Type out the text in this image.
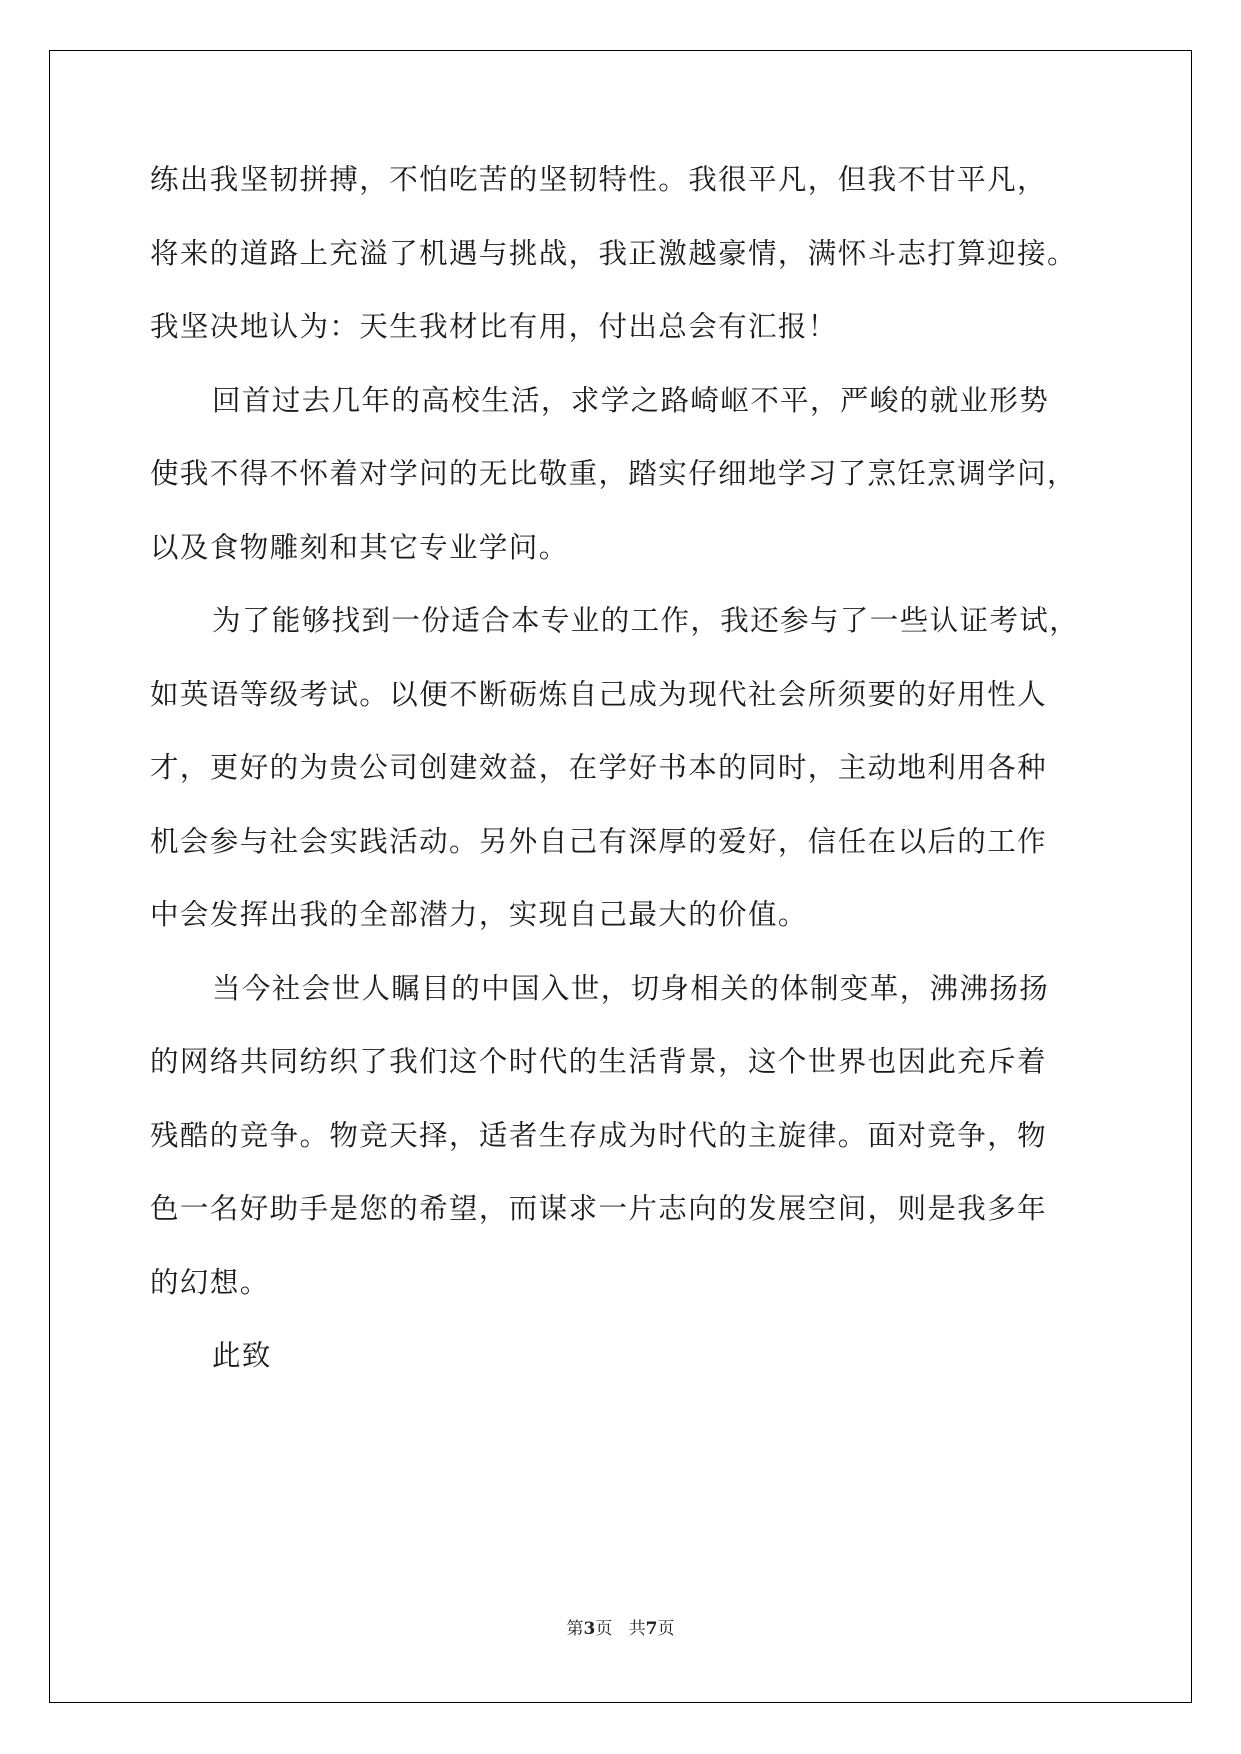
练出我坚韧拼搏，不怕吃苦的坚韧特性。我很平凡，但我不甘平凡，
将来的道路上充溢了机遇与挑战，我正激越豪情，满怀斗志打算迎接。
我坚决地认为：天生我材比有用，付出总会有汇报！
回首过去几年的高校生活，求学之路崎岖不平，严峻的就业形势
使我不得不怀着对学问的无比敬重，踏实仔细地学习了烹饪烹调学问，
以及食物雕刻和其它专业学问。
为了能够找到一份适合本专业的工作，我还参与了一些认证考试，
如英语等级考试。以便不断砺炼自己成为现代社会所须要的好用性人
才，更好的为贵公司创建效益，在学好书本的同时，主动地利用各种
机会参与社会实践活动。另外自己有深厚的爱好，信任在以后的工作
中会发挥出我的全部潜力，实现自己最大的价值。
当今社会世人瞩目的中国入世，切身相关的体制变革，沸沸扬扬
的网络共同纺织了我们这个时代的生活背景，这个世界也因此充斥着
残酷的竞争。物竞天择，适者生存成为时代的主旋律。面对竞争，物
色一名好助手是您的希望，而谋求一片志向的发展空间，则是我多年
的幻想。
此致
第3页 共7页
